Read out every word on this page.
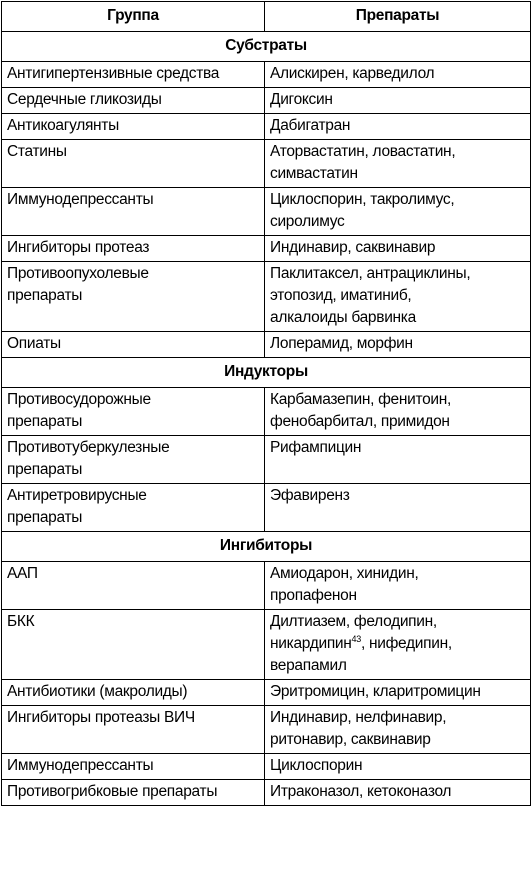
Группа	Препараты
Субстраты	
Антигипертензивные средства	Алискирен, карведилол
Сердечные гликозиды	Дигоксин
Антикоагулянты	Дабигатран
Статины	Аторвастатин, ловастатин,
симвастатин
Иммунодепрессанты	Циклоспорин, такролимус,
сиролимус
Ингибиторы протеаз	Индинавир, саквинавир
Противоопухолевые
препараты	Паклитаксел, антрациклины,
этопозид, иматиниб,
алкалоиды барвинка
Опиаты	Лоперамид, морфин
Индукторы	
Противосудорожные
препараты	Карбамазепин, фенитоин,
фенобарбитал, примидон
Противотуберкулезные
препараты	Рифампицин
Антиретровирусные
препараты	Эфавиренз
Ингибиторы	
ААП	Амиодарон, хинидин,
пропафенон
БКК	Дилтиазем, фелодипин,
никардипин$^{43}$, нифедипин,
верапамил
Антибиотики (макролиды)	Эритромицин, кларитромицин
Ингибиторы протеазы ВИЧ	Индинавир, нелфинавир,
ритонавир, саквинавир
Иммунодепрессанты	Циклоспорин
Противогрибковые препараты	Итраконазол, кетоконазол
